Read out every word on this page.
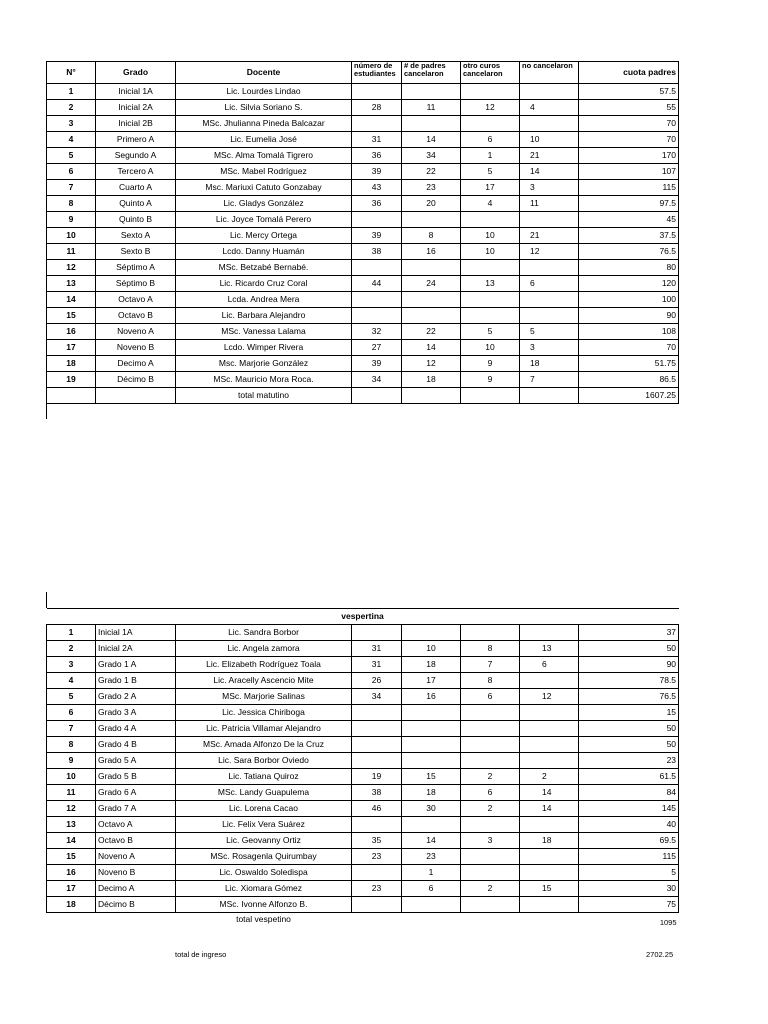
N°	Grado	Docente	número de estudiantes	# de padres cancelaron	otro curos cancelaron	no cancelaron	cuota padres
1	Inicial 1A	Lic. Lourdes Lindao					57.5
2	Inicial 2A	Lic. Silvia Soriano S.	28	11	12	4	55
3	Inicial 2B	MSc. Jhulianna Pineda Balcazar					70
4	Primero A	Lic. Eumelia José	31	14	6	10	70
5	Segundo A	MSc. Alma Tomalá Tigrero	36	34	1	21	170
6	Tercero A	MSc. Mabel Rodríguez	39	22	5	14	107
7	Cuarto A	Msc. Mariuxi Catuto Gonzabay	43	23	17	3	115
8	Quinto A	Lic. Gladys González	36	20	4	11	97.5
9	Quinto B	Lic. Joyce Tomalá Perero					45
10	Sexto A	Lic. Mercy Ortega	39	8	10	21	37.5
11	Sexto B	Lcdo. Danny Huamán	38	16	10	12	76.5
12	Séptimo A	MSc. Betzabé Bernabé.					80
13	Séptimo B	Lic. Ricardo Cruz Coral	44	24	13	6	120
14	Octavo A	Lcda. Andrea Mera					100
15	Octavo B	Lic. Barbara Alejandro					90
16	Noveno A	MSc. Vanessa Lalama	32	22	5	5	108
17	Noveno B	Lcdo. Wimper Rivera	27	14	10	3	70
18	Decimo A	Msc. Marjorie González	39	12	9	18	51.75
19	Décimo B	MSc. Mauricio Mora Roca.	34	18	9	7	86.5
		total matutino					1607.25
vespertina							
1	Inicial 1A	Lic. Sandra Borbor					37
2	Inicial 2A	Lic. Angela zamora	31	10	8	13	50
3	Grado 1 A	Lic. Elizabeth Rodríguez Toala	31	18	7	6	90
4	Grado 1 B	Lic. Aracelly Ascencio Mite	26	17	8		78.5
5	Grado 2 A	MSc. Marjorie Salinas	34	16	6	12	76.5
6	Grado 3 A	Lic. Jessica Chiriboga					15
7	Grado 4 A	Lic. Patricia Villamar Alejandro					50
8	Grado 4 B	MSc. Amada Alfonzo De la Cruz					50
9	Grado 5 A	Lic. Sara Borbor Oviedo					23
10	Grado 5 B	Lic. Tatiana Quiroz	19	15	2	2	61.5
11	Grado 6 A	MSc. Landy Guapulema	38	18	6	14	84
12	Grado 7 A	Lic. Lorena Cacao	46	30	2	14	145
13	Octavo A	Lic. Felix Vera Suárez					40
14	Octavo B	Lic. Geovanny Ortiz	35	14	3	18	69.5
15	Noveno A	MSc. Rosagenla Quirumbay	23	23			115
16	Noveno B	Lic. Oswaldo Soledispa		1			5
17	Decimo A	Lic. Xiomara Gómez	23	6	2	15	30
18	Décimo B	MSc. Ivonne Alfonzo B.					75
		total vespetino					1095
total de ingreso	2702.25
